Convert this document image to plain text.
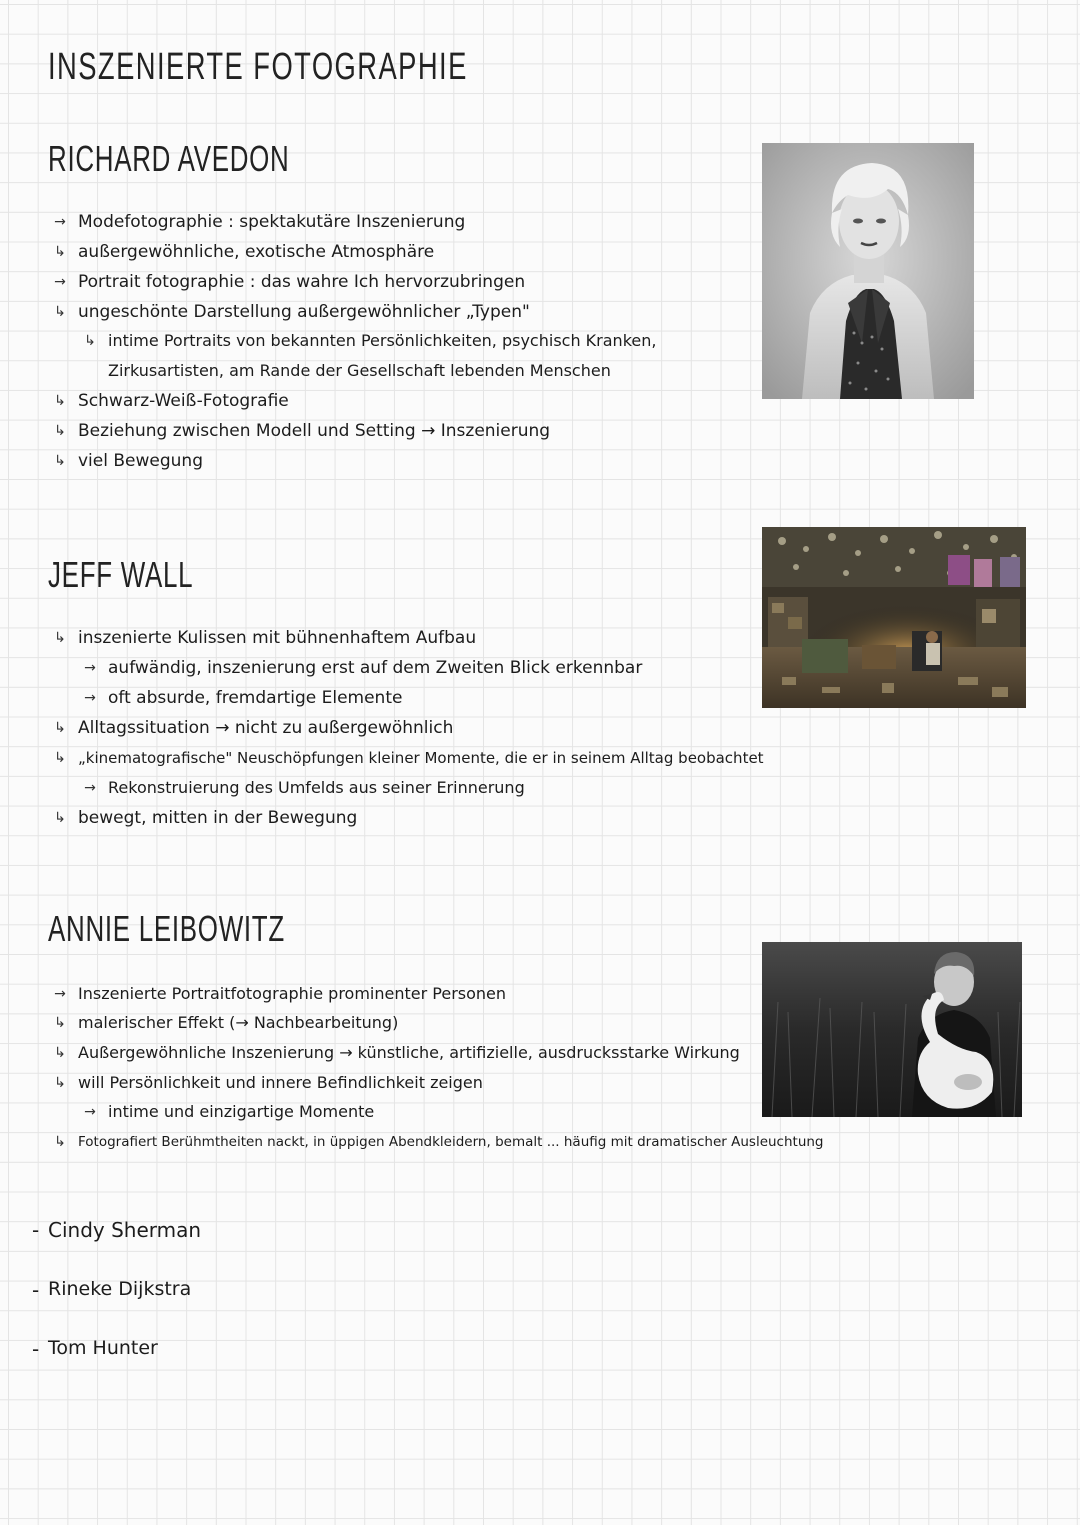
INSZENIERTE FOTOGRAPHIE
RICHARD AVEDON
→ Modefotographie : spektakutäre Inszenierung
↳ außergewöhnliche, exotische Atmosphäre
→ Portrait fotographie : das wahre Ich hervorzubringen
↳ ungeschönte Darstellung außergewöhnlicher „Typen"
↳ intime Portraits von bekannten Persönlichkeiten, psychisch Kranken,
Zirkusartisten, am Rande der Gesellschaft lebenden Menschen
↳ Schwarz-Weiß-Fotografie
↳ Beziehung zwischen Modell und Setting → Inszenierung
↳ viel Bewegung
JEFF WALL
↳ inszenierte Kulissen mit bühnenhaftem Aufbau
→ aufwändig, inszenierung erst auf dem Zweiten Blick erkennbar
→ oft absurde, fremdartige Elemente
↳ Alltagssituation → nicht zu außergewöhnlich
↳ „kinematografische" Neuschöpfungen kleiner Momente, die er in seinem Alltag beobachtet
→ Rekonstruierung des Umfelds aus seiner Erinnerung
↳ bewegt, mitten in der Bewegung
ANNIE LEIBOWITZ
→ Inszenierte Portraitfotographie prominenter Personen
↳ malerischer Effekt (→ Nachbearbeitung)
↳ Außergewöhnliche Inszenierung → künstliche, artifizielle, ausdrucksstarke Wirkung
↳ will Persönlichkeit und innere Befindlichkeit zeigen
→ intime und einzigartige Momente
↳ Fotografiert Berühmtheiten nackt, in üppigen Abendkleidern, bemalt ... häufig mit dramatischer Ausleuchtung
- Cindy Sherman
- Rineke Dijkstra
- Tom Hunter
